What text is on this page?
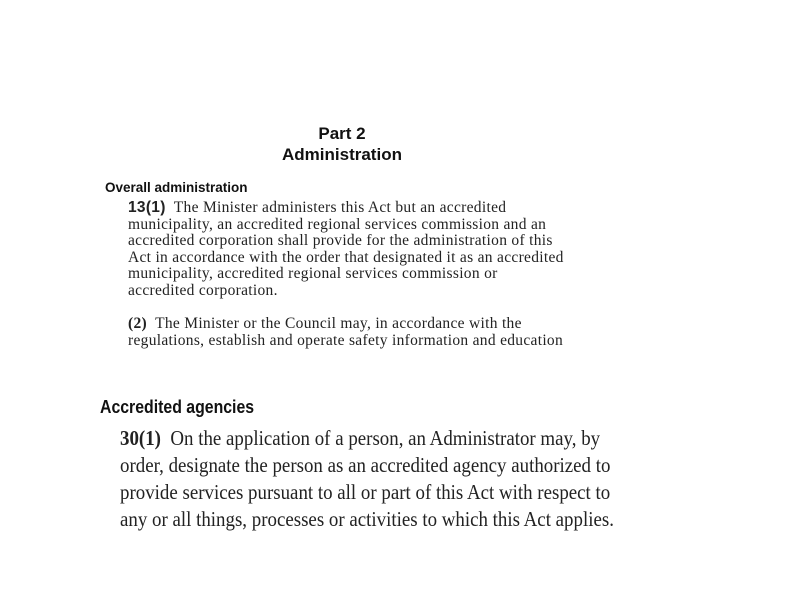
Part 2
Administration
Overall administration
13(1) The Minister administers this Act but an accredited
municipality, an accredited regional services commission and an
accredited corporation shall provide for the administration of this
Act in accordance with the order that designated it as an accredited
municipality, accredited regional services commission or
accredited corporation.
(2) The Minister or the Council may, in accordance with the
regulations, establish and operate safety information and education
Accredited agencies
30(1) On the application of a person, an Administrator may, by
order, designate the person as an accredited agency authorized to
provide services pursuant to all or part of this Act with respect to
any or all things, processes or activities to which this Act applies.
